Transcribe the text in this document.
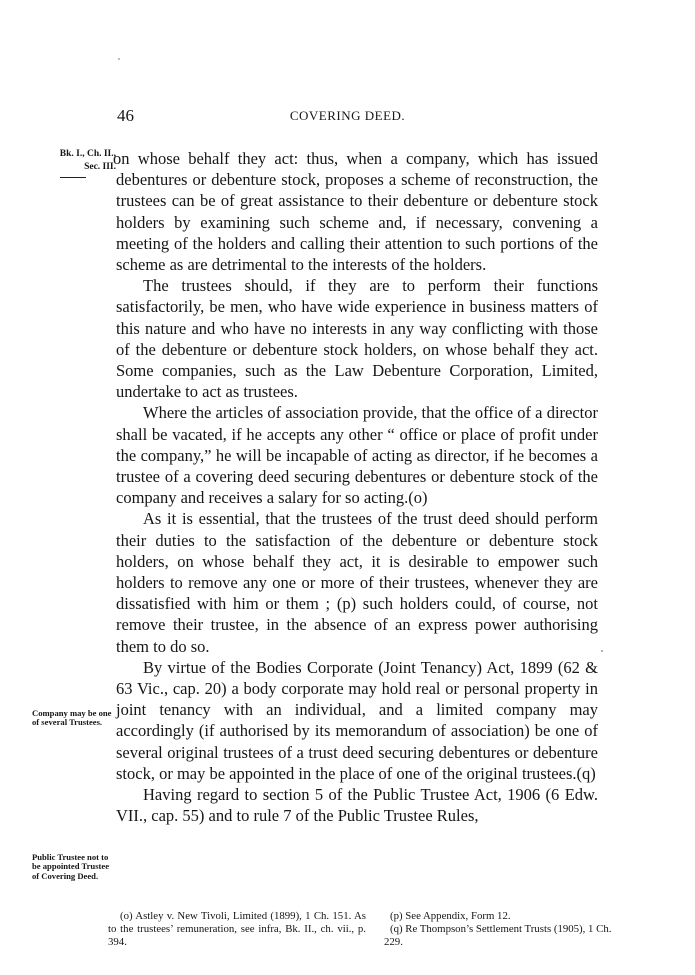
46	COVERING DEED.
Bk. I., Ch. II.,
Sec. III.

on whose behalf they act: thus, when a company, which has issued debentures or debenture stock, proposes a scheme of reconstruction, the trustees can be of great assistance to their debenture or debenture stock holders by examining such scheme and, if necessary, convening a meeting of the holders and calling their attention to such portions of the scheme as are detrimental to the interests of the holders.

The trustees should, if they are to perform their functions satisfactorily, be men, who have wide experience in business matters of this nature and who have no interests in any way conflicting with those of the debenture or debenture stock holders, on whose behalf they act. Some companies, such as the Law Debenture Corporation, Limited, undertake to act as trustees.

Where the articles of association provide, that the office of a director shall be vacated, if he accepts any other “ office or place of profit under the company,” he will be incapable of acting as director, if he becomes a trustee of a covering deed securing debentures or debenture stock of the company and receives a salary for so acting.(o)

As it is essential, that the trustees of the trust deed should perform their duties to the satisfaction of the debenture or debenture stock holders, on whose behalf they act, it is desirable to empower such holders to remove any one or more of their trustees, whenever they are dissatisfied with him or them ; (p) such holders could, of course, not remove their trustee, in the absence of an express power authorising them to do so.

By virtue of the Bodies Corporate (Joint Tenancy) Act, 1899 (62 & 63 Vic., cap. 20) a body corporate may hold real or personal property in joint tenancy with an individual, and a limited company may accordingly (if authorised by its memorandum of association) be one of several original trustees of a trust deed securing debentures or debenture stock, or may be appointed in the place of one of the original trustees.(q)

Having regard to section 5 of the Public Trustee Act, 1906 (6 Edw. VII., cap. 55) and to rule 7 of the Public Trustee Rules,

Company may be one of several Trustees.
Public Trustee not to be appointed Trustee of Covering Deed.

(o) Astley v. New Tivoli, Limited (1899), 1 Ch. 151. As to the trustees’ remuneration, see infra, Bk. II., ch. vii., p. 394.

(p) See Appendix, Form 12.

(q) Re Thompson’s Settlement Trusts (1905), 1 Ch. 229.
